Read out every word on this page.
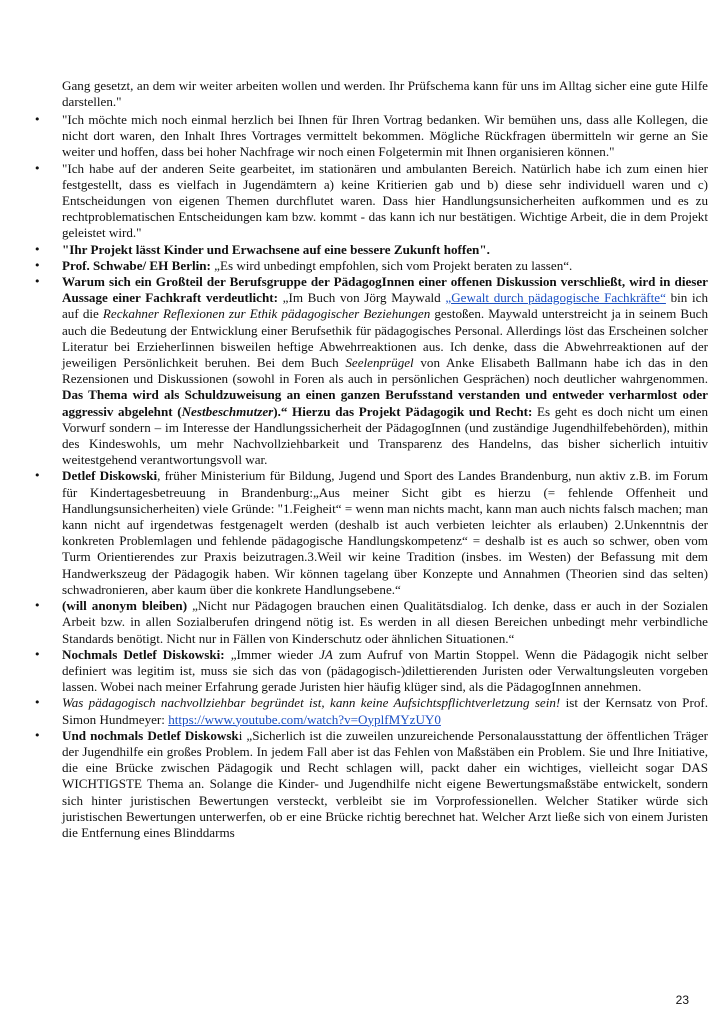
Gang gesetzt, an dem wir weiter arbeiten wollen und werden. Ihr Prüfschema kann für uns im Alltag sicher eine gute Hilfe darstellen."

• "Ich möchte mich noch einmal herzlich bei Ihnen für Ihren Vortrag bedanken. Wir bemühen uns, dass alle Kollegen, die nicht dort waren, den Inhalt Ihres Vortrages vermittelt bekommen. Mögliche Rückfragen übermitteln wir gerne an Sie weiter und hoffen, dass bei hoher Nachfrage wir noch einen Folgetermin mit Ihnen organisieren können."
• "Ich habe auf der anderen Seite gearbeitet, im stationären und ambulanten Bereich. Natürlich habe ich zum einen hier festgestellt, dass es vielfach in Jugendämtern a) keine Kritierien gab und b) diese sehr individuell waren und c) Entscheidungen von eigenen Themen durchflutet waren. Dass hier Handlungsunsicherheiten aufkommen und es zu rechtproblematischen Entscheidungen kam bzw. kommt - das kann ich nur bestätigen. Wichtige Arbeit, die in dem Projekt geleistet wird."
• "Ihr Projekt lässt Kinder und Erwachsene auf eine bessere Zukunft hoffen".
• Prof. Schwabe/ EH Berlin: „Es wird unbedingt empfohlen, sich vom Projekt beraten zu lassen“.
• Warum sich ein Großteil der Berufsgruppe der PädagogInnen einer offenen Diskussion verschließt, wird in dieser Aussage einer Fachkraft verdeutlicht: „Im Buch von Jörg Maywald „Gewalt durch pädagogische Fachkräfte“ bin ich auf die Reckahner Reflexionen zur Ethik pädagogischer Beziehungen gestoßen. Maywald unterstreicht ja in seinem Buch auch die Bedeutung der Entwicklung einer Berufsethik für pädagogisches Personal. Allerdings löst das Erscheinen solcher Literatur bei ErzieherIinnen bisweilen heftige Abwehrreaktionen aus. Ich denke, dass die Abwehrreaktionen auf der jeweiligen Persönlichkeit beruhen. Bei dem Buch Seelenprügel von Anke Elisabeth Ballmann habe ich das in den Rezensionen und Diskussionen (sowohl in Foren als auch in persönlichen Gesprächen) noch deutlicher wahrgenommen. Das Thema wird als Schuldzuweisung an einen ganzen Berufsstand verstanden und entweder verharmlost oder aggressiv abgelehnt (Nestbeschmutzer).“ Hierzu das Projekt Pädagogik und Recht: Es geht es doch nicht um einen Vorwurf sondern – im Interesse der Handlungssicherheit der PädagogInnen (und zuständige Jugendhilfebehörden), mithin des Kindeswohls, um mehr Nachvollziehbarkeit und Transparenz des Handelns, das bisher sicherlich intuitiv weitestgehend verantwortungsvoll war.
• Detlef Diskowski, früher Ministerium für Bildung, Jugend und Sport des Landes Brandenburg, nun aktiv z.B. im Forum für Kindertagesbetreuung in Brandenburg:„Aus meiner Sicht gibt es hierzu (= fehlende Offenheit und Handlungsunsicherheiten) viele Gründe: "1.Feigheit“ = wenn man nichts macht, kann man auch nichts falsch machen; man kann nicht auf irgendetwas festgenagelt werden (deshalb ist auch verbieten leichter als erlauben) 2.Unkenntnis der konkreten Problemlagen und fehlende pädagogische Handlungskompetenz“ = deshalb ist es auch so schwer, oben vom Turm Orientierendes zur Praxis beizutragen.3.Weil wir keine Tradition (insbes. im Westen) der Befassung mit dem Handwerkszeug der Pädagogik haben. Wir können tagelang über Konzepte und Annahmen (Theorien sind das selten) schwadronieren, aber kaum über die konkrete Handlungsebene.“
• (will anonym bleiben) „Nicht nur Pädagogen brauchen einen Qualitätsdialog. Ich denke, dass er auch in der Sozialen Arbeit bzw. in allen Sozialberufen dringend nötig ist. Es werden in all diesen Bereichen unbedingt mehr verbindliche Standards benötigt. Nicht nur in Fällen von Kinderschutz oder ähnlichen Situationen.“
• Nochmals Detlef Diskowski: „Immer wieder JA zum Aufruf von Martin Stoppel. Wenn die Pädagogik nicht selber definiert was legitim ist, muss sie sich das von (pädagogisch-)dilettierenden Juristen oder Verwaltungsleuten vorgeben lassen. Wobei nach meiner Erfahrung gerade Juristen hier häufig klüger sind, als die PädagogInnen annehmen.
• Was pädagogisch nachvollziehbar begründet ist, kann keine Aufsichtspflichtverletzung sein! ist der Kernsatz von Prof. Simon Hundmeyer: https://www.youtube.com/watch?v=OyplfMYzUY0
• Und nochmals Detlef Diskowski „Sicherlich ist die zuweilen unzureichende Personalausstattung der öffentlichen Träger der Jugendhilfe ein großes Problem. In jedem Fall aber ist das Fehlen von Maßstäben ein Problem. Sie und Ihre Initiative, die eine Brücke zwischen Pädagogik und Recht schlagen will, packt daher ein wichtiges, vielleicht sogar DAS WICHTIGSTE Thema an. Solange die Kinder- und Jugendhilfe nicht eigene Bewertungsmaßstäbe entwickelt, sondern sich hinter juristischen Bewertungen versteckt, verbleibt sie im Vorprofessionellen. Welcher Statiker würde sich juristischen Bewertungen unterwerfen, ob er eine Brücke richtig berechnet hat. Welcher Arzt ließe sich von einem Juristen die Entfernung eines Blinddarms
23
